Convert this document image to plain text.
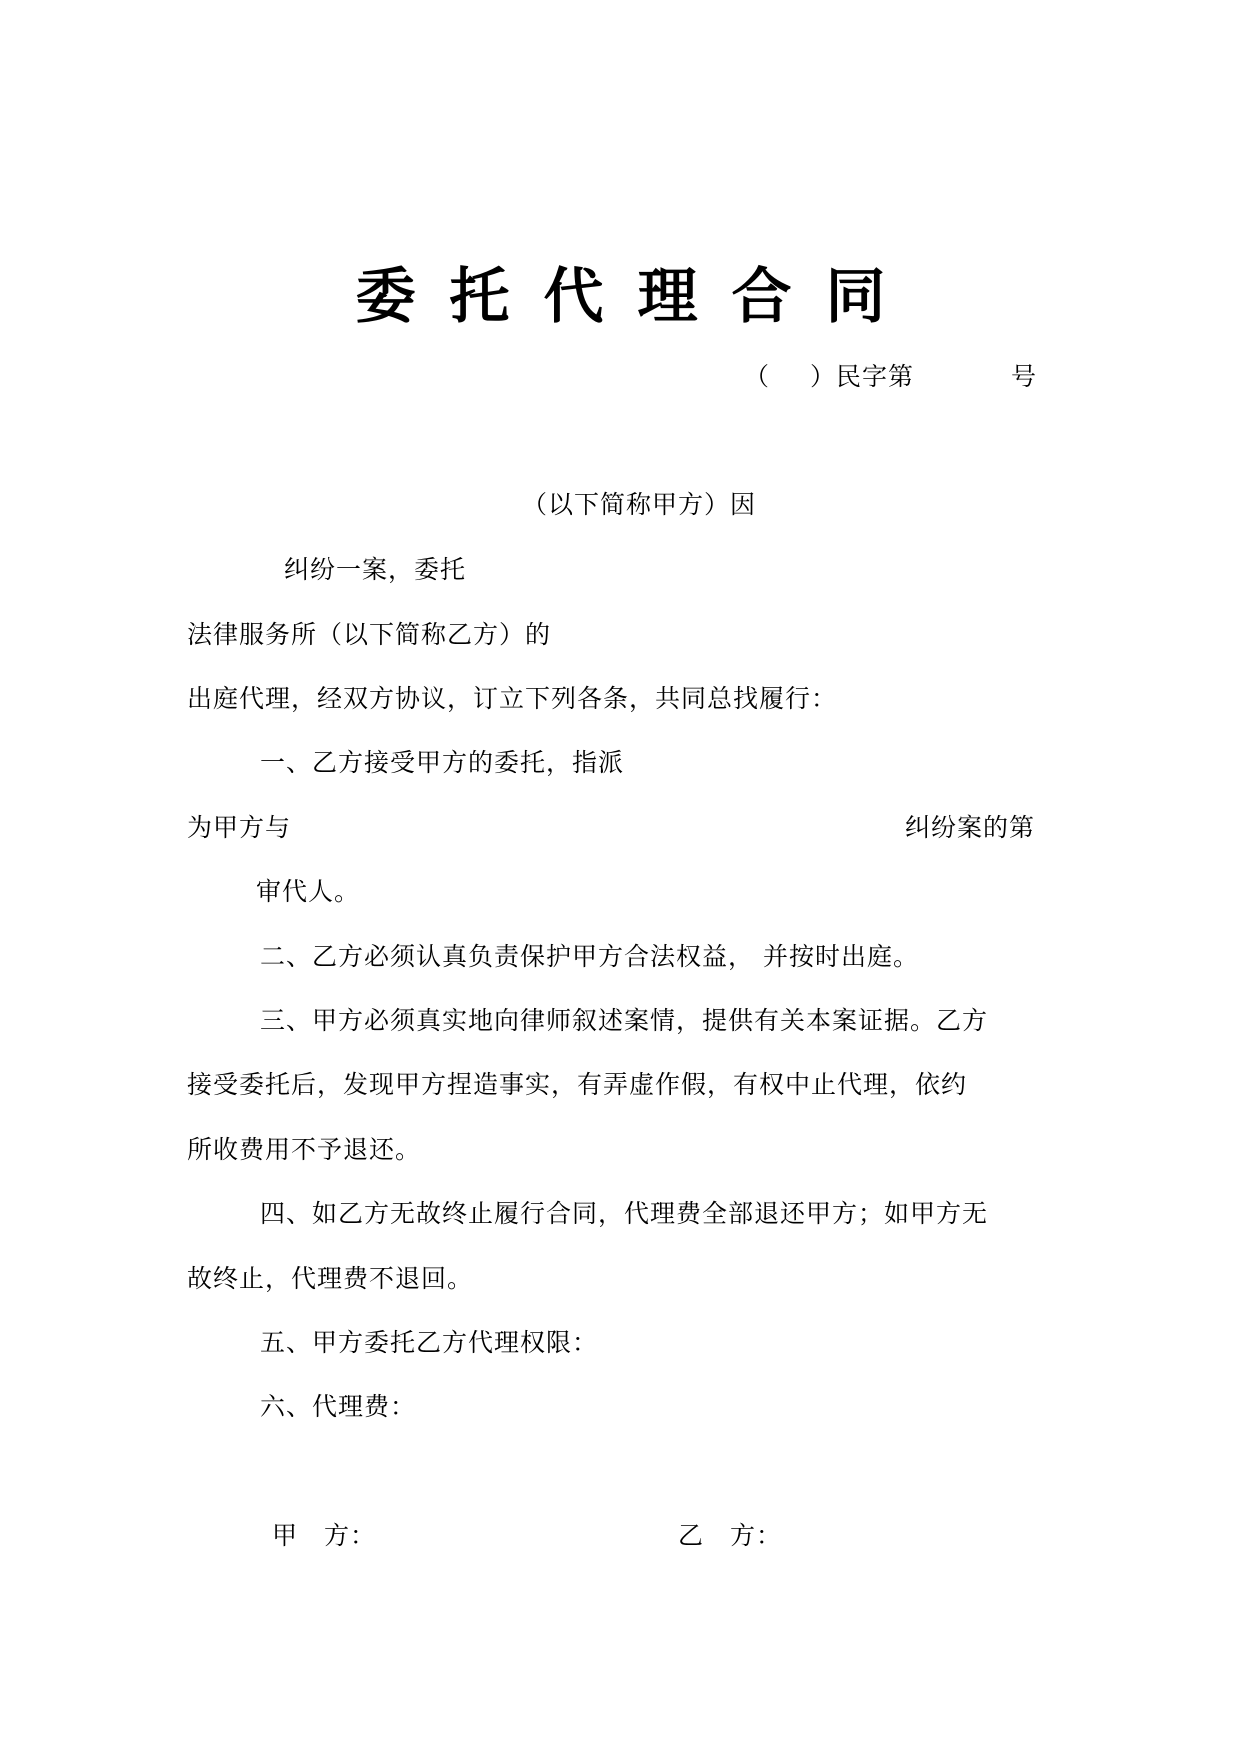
委托代理合同
（ ）民字第	号
（以下简称甲方）因
纠纷一案，委托
法律服务所（以下简称乙方）的
出庭代理，经双方协议，订立下列各条，共同总找履行：
一、乙方接受甲方的委托，指派
为甲方与	纠纷案的第
审代人。
二、乙方必须认真负责保护甲方合法权益， 并按时出庭。
三、甲方必须真实地向律师叙述案情，提供有关本案证据。乙方
接受委托后，发现甲方捏造事实，有弄虚作假，有权中止代理，依约
所收费用不予退还。
四、如乙方无故终止履行合同，代理费全部退还甲方；如甲方无
故终止，代理费不退回。
五、甲方委托乙方代理权限：
六、代理费：
甲　方：	乙　方：
